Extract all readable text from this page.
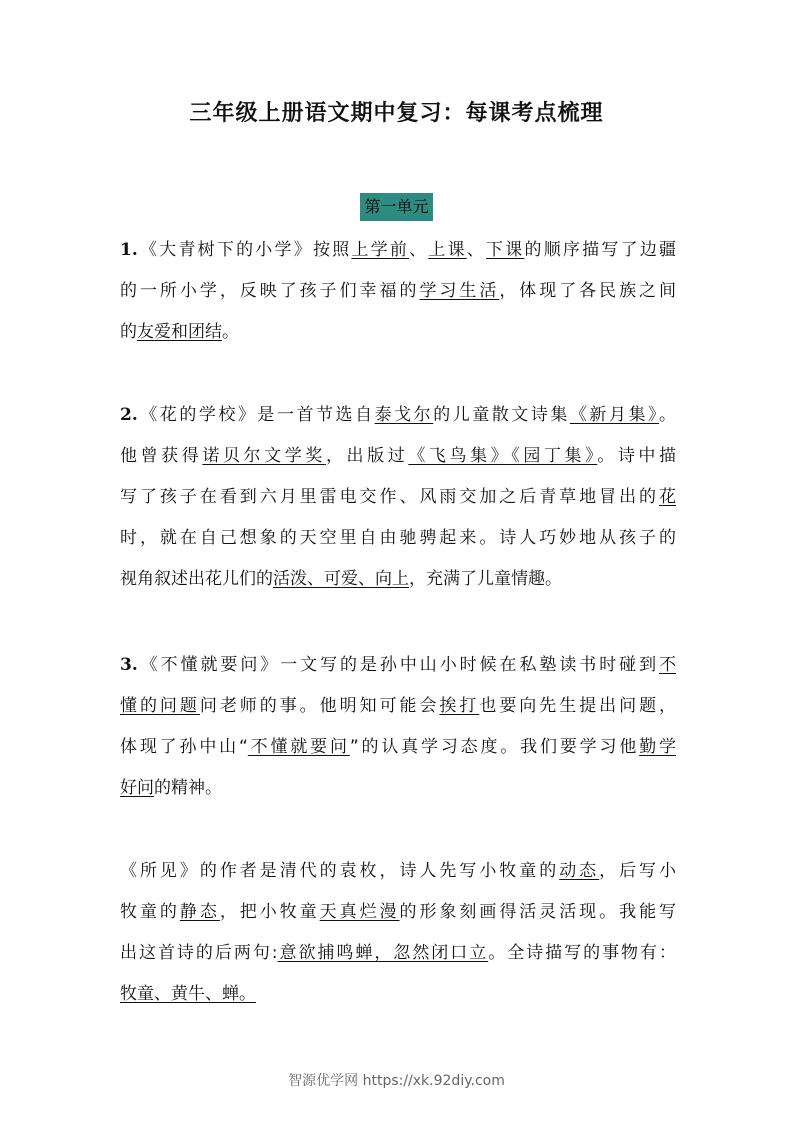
三年级上册语文期中复习：每课考点梳理
第一单元
1.《大青树下的小学》按照上学前、上课、下课的顺序描写了边疆
的一所小学，反映了孩子们幸福的学习生活，体现了各民族之间
的友爱和团结。
2.《花的学校》是一首节选自泰戈尔的儿童散文诗集《新月集》。
他曾获得诺贝尔文学奖，出版过《飞鸟集》《园丁集》。诗中描
写了孩子在看到六月里雷电交作、风雨交加之后青草地冒出的花
时，就在自己想象的天空里自由驰骋起来。诗人巧妙地从孩子的
视角叙述出花儿们的活泼、可爱、向上，充满了儿童情趣。
3.《不懂就要问》一文写的是孙中山小时候在私塾读书时碰到不
懂的问题问老师的事。他明知可能会挨打也要向先生提出问题，
体现了孙中山“不懂就要问”的认真学习态度。我们要学习他勤学
好问的精神。
《所见》的作者是清代的袁枚，诗人先写小牧童的动态，后写小
牧童的静态，把小牧童天真烂漫的形象刻画得活灵活现。我能写
出这首诗的后两句:意欲捕鸣蝉，忽然闭口立。全诗描写的事物有：
牧童、黄牛、蝉。
智源优学网 https://xk.92diy.com
